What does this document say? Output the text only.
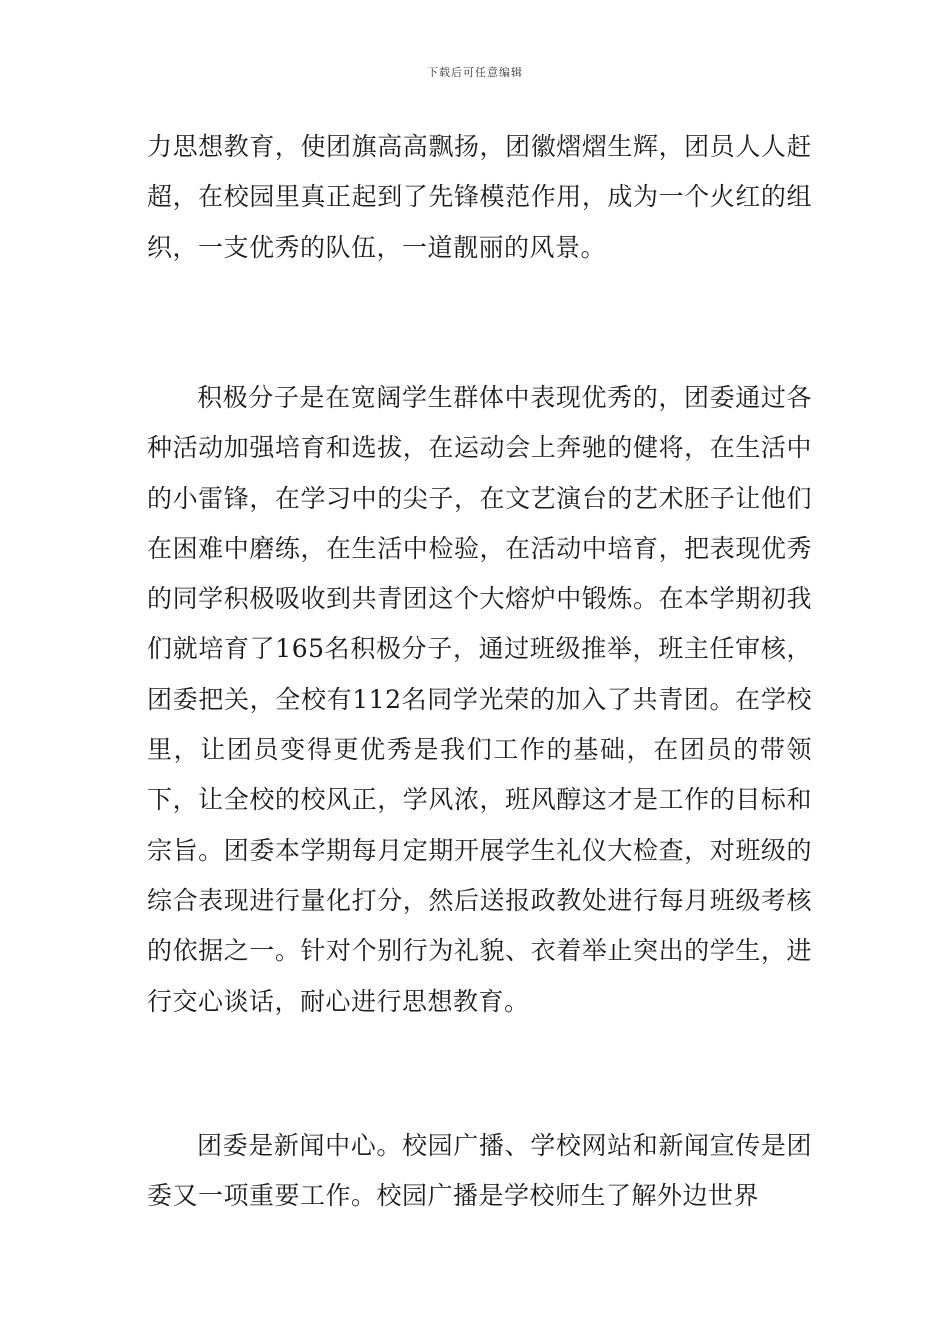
下载后可任意编辑

力思想教育，使团旗高高飘扬，团徽熠熠生辉，团员人人赶超，在校园里真正起到了先锋模范作用，成为一个火红的组织，一支优秀的队伍，一道靓丽的风景。

积极分子是在宽阔学生群体中表现优秀的，团委通过各种活动加强培育和选拔，在运动会上奔驰的健将，在生活中的小雷锋，在学习中的尖子，在文艺演台的艺术胚子让他们在困难中磨练，在生活中检验，在活动中培育，把表现优秀的同学积极吸收到共青团这个大熔炉中锻炼。在本学期初我们就培育了165名积极分子，通过班级推举，班主任审核，团委把关，全校有112名同学光荣的加入了共青团。在学校里，让团员变得更优秀是我们工作的基础，在团员的带领下，让全校的校风正，学风浓，班风醇这才是工作的目标和宗旨。团委本学期每月定期开展学生礼仪大检查，对班级的综合表现进行量化打分，然后送报政教处进行每月班级考核的依据之一。针对个别行为礼貌、衣着举止突出的学生，进行交心谈话，耐心进行思想教育。

团委是新闻中心。校园广播、学校网站和新闻宣传是团委又一项重要工作。校园广播是学校师生了解外边世界
